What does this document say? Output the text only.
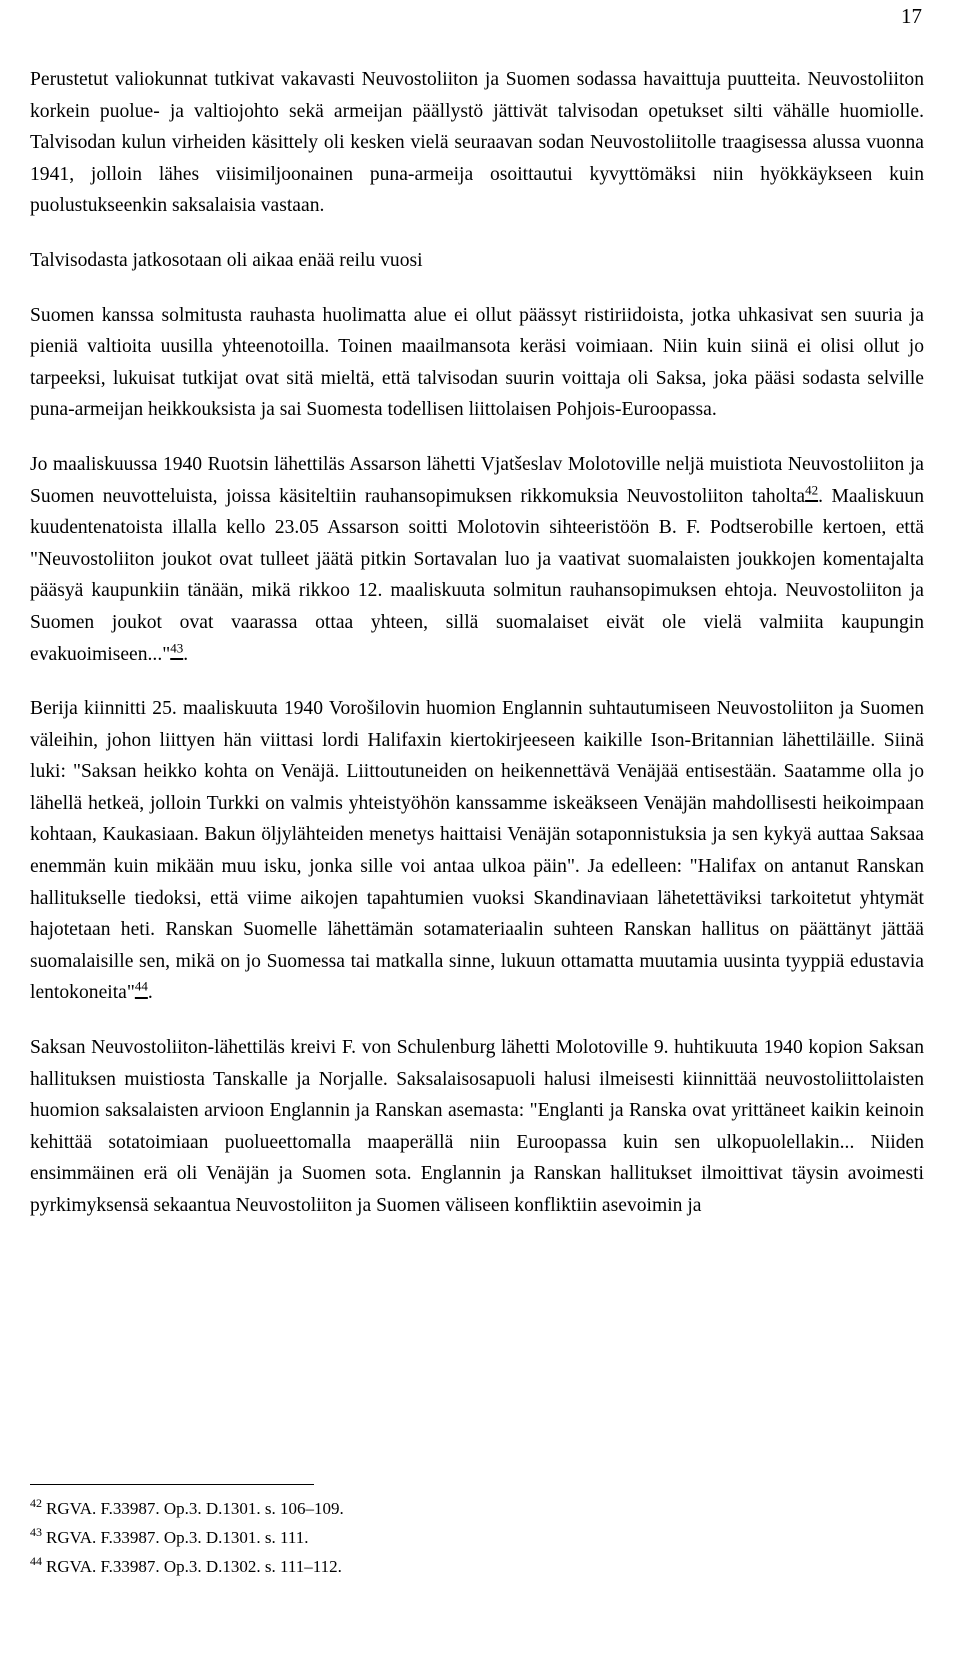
17

Perustetut valiokunnat tutkivat vakavasti Neuvostoliiton ja Suomen sodassa havaittuja puutteita. Neuvostoliiton korkein puolue- ja valtiojohto sekä armeijan päällystö jättivät talvisodan opetukset silti vähälle huomiolle. Talvisodan kulun virheiden käsittely oli kesken vielä seuraavan sodan Neuvostoliitolle traagisessa alussa vuonna 1941, jolloin lähes viisimiljoonainen puna-armeija osoittautui kyvyttömäksi niin hyökkäykseen kuin puolustukseenkin saksalaisia vastaan.

Talvisodasta jatkosotaan oli aikaa enää reilu vuosi

Suomen kanssa solmitusta rauhasta huolimatta alue ei ollut päässyt ristiriidoista, jotka uhkasivat sen suuria ja pieniä valtioita uusilla yhteenotoilla. Toinen maailmansota keräsi voimiaan. Niin kuin siinä ei olisi ollut jo tarpeeksi, lukuisat tutkijat ovat sitä mieltä, että talvisodan suurin voittaja oli Saksa, joka pääsi sodasta selville puna-armeijan heikkouksista ja sai Suomesta todellisen liittolaisen Pohjois-Euroopassa.

Jo maaliskuussa 1940 Ruotsin lähettiläs Assarson lähetti Vjatšeslav Molotoville neljä muistiota Neuvostoliiton ja Suomen neuvotteluista, joissa käsiteltiin rauhansopimuksen rikkomuksia Neuvostoliiton taholta$^{42}$. Maaliskuun kuudentenatoista illalla kello 23.05 Assarson soitti Molotovin sihteeristöön B. F. Podtserobille kertoen, että "Neuvostoliiton joukot ovat tulleet jäätä pitkin Sortavalan luo ja vaativat suomalaisten joukkojen komentajalta pääsyä kaupunkiin tänään, mikä rikkoo 12. maaliskuuta solmitun rauhansopimuksen ehtoja. Neuvostoliiton ja Suomen joukot ovat vaarassa ottaa yhteen, sillä suomalaiset eivät ole vielä valmiita kaupungin evakuoimiseen..."$^{43}$.

Berija kiinnitti 25. maaliskuuta 1940 Vorošilovin huomion Englannin suhtautumiseen Neuvostoliiton ja Suomen väleihin, johon liittyen hän viittasi lordi Halifaxin kiertokirjeeseen kaikille Ison-Britannian lähettiläille. Siinä luki: "Saksan heikko kohta on Venäjä. Liittoutuneiden on heikennettävä Venäjää entisestään. Saatamme olla jo lähellä hetkeä, jolloin Turkki on valmis yhteistyöhön kanssamme iskeäkseen Venäjän mahdollisesti heikoimpaan kohtaan, Kaukasiaan. Bakun öljylähteiden menetys haittaisi Venäjän sotaponnistuksia ja sen kykyä auttaa Saksaa enemmän kuin mikään muu isku, jonka sille voi antaa ulkoa päin". Ja edelleen: "Halifax on antanut Ranskan hallitukselle tiedoksi, että viime aikojen tapahtumien vuoksi Skandinaviaan lähetettäviksi tarkoitetut yhtymät hajotetaan heti. Ranskan Suomelle lähettämän sotamateriaalin suhteen Ranskan hallitus on päättänyt jättää suomalaisille sen, mikä on jo Suomessa tai matkalla sinne, lukuun ottamatta muutamia uusinta tyyppiä edustavia lentokoneita"$^{44}$.

Saksan Neuvostoliiton-lähettiläs kreivi F. von Schulenburg lähetti Molotoville 9. huhtikuuta 1940 kopion Saksan hallituksen muistiosta Tanskalle ja Norjalle. Saksalaisosapuoli halusi ilmeisesti kiinnittää neuvostoliittolaisten huomion saksalaisten arvioon Englannin ja Ranskan asemasta: "Englanti ja Ranska ovat yrittäneet kaikin keinoin kehittää sotatoimiaan puolueettomalla maaperällä niin Euroopassa kuin sen ulkopuolellakin... Niiden ensimmäinen erä oli Venäjän ja Suomen sota. Englannin ja Ranskan hallitukset ilmoittivat täysin avoimesti pyrkimyksensä sekaantua Neuvostoliiton ja Suomen väliseen konfliktiin asevoimin ja

$^{42}$ RGVA. F.33987. Op.3. D.1301. s. 106–109.
$^{43}$ RGVA. F.33987. Op.3. D.1301. s. 111.
$^{44}$ RGVA. F.33987. Op.3. D.1302. s. 111–112.
